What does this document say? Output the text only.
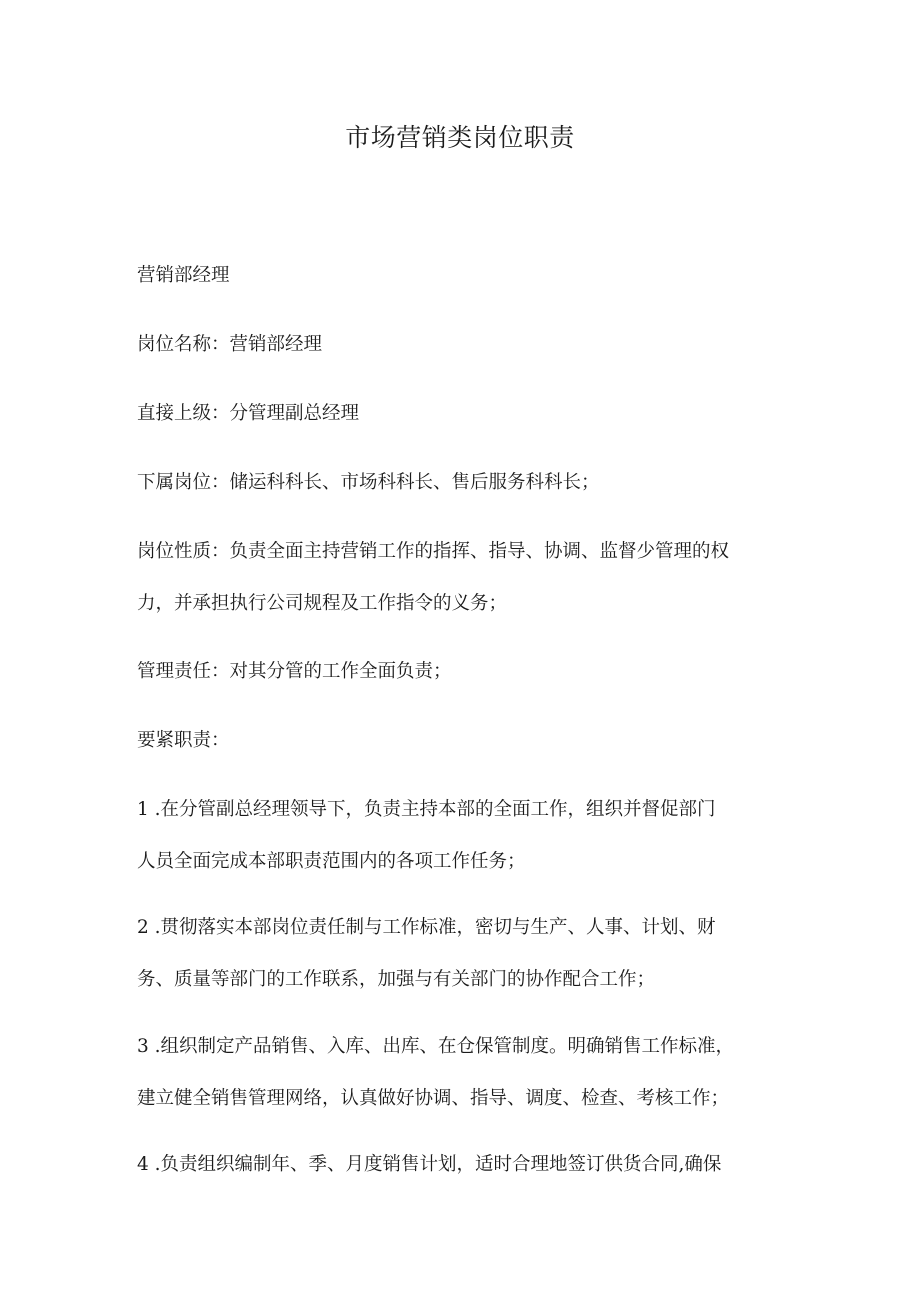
市场营销类岗位职责

营销部经理

岗位名称：营销部经理

直接上级：分管理副总经理

下属岗位：储运科科长、市场科科长、售后服务科科长；

岗位性质：负责全面主持营销工作的指挥、指导、协调、监督少管理的权
力，并承担执行公司规程及工作指令的义务；

管理责任：对其分管的工作全面负责；

要紧职责：

1 .在分管副总经理领导下，负责主持本部的全面工作，组织并督促部门
人员全面完成本部职责范围内的各项工作任务；

2 .贯彻落实本部岗位责任制与工作标准，密切与生产、人事、计划、财
务、质量等部门的工作联系，加强与有关部门的协作配合工作；

3 .组织制定产品销售、入库、出库、在仓保管制度。明确销售工作标准，
建立健全销售管理网络，认真做好协调、指导、调度、检查、考核工作；

4 .负责组织编制年、季、月度销售计划，适时合理地签订供货合同,确保
